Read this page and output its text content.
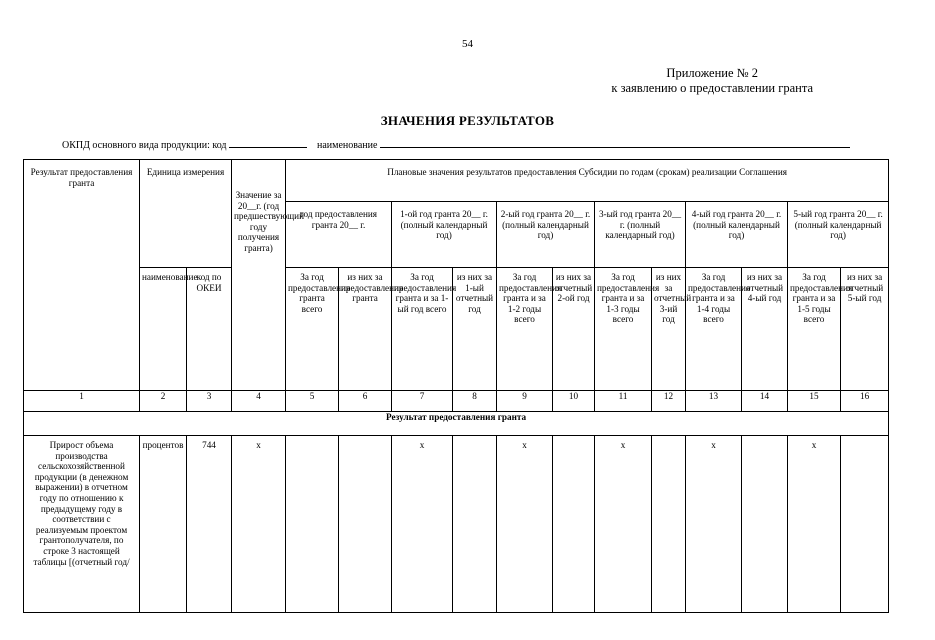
54
Приложение № 2
к заявлению о предоставлении гранта
ЗНАЧЕНИЯ РЕЗУЛЬТАТОВ
ОКПД основного вида продукции: код	наименование
Результат предоставления гранта	Единица измерения		Значение за 20__г. (год предшествующий году получения гранта)	Плановые значения результатов предоставления Субсидии по годам (срокам) реализации Соглашения											
				год предоставления гранта 20__ г.		1-ой год гранта 20__ г. (полный календарный год)		2-ый год гранта 20__ г. (полный календарный год)		3-ый год гранта 20__ г. (полный календарный год)		4-ый год гранта 20__ г. (полный календарный год)		5-ый год гранта 20__ г. (полный календарный год)	
	наименование	код по ОКЕИ		За год предоставления гранта всего	из них за предоставления гранта	За год предоставления гранта и за 1-ый год всего	из них за 1-ый отчетный год	За год предоставления гранта и за 1-2 годы всего	из них за отчетный 2-ой год	За год предоставления гранта и за 1-3 годы всего	из них за отчетный 3-ий год	За год предоставления гранта и за 1-4 годы всего	из них за отчетный 4-ый год	За год предоставления гранта и за 1-5 годы всего	из них за отчетный 5-ый год
1	2	3	4	5	6	7	8	9	10	11	12	13	14	15	16
Результат предоставления гранта															
Прирост объема производства сельскохозяйственной продукции (в денежном выражении) в отчетном году по отношению к предыдущему году в соответствии с реализуемым проектом грантополучателя, по строке 3 настоящей таблицы [(отчетный год/	процентов	744	x			x		x		x		x		x	
